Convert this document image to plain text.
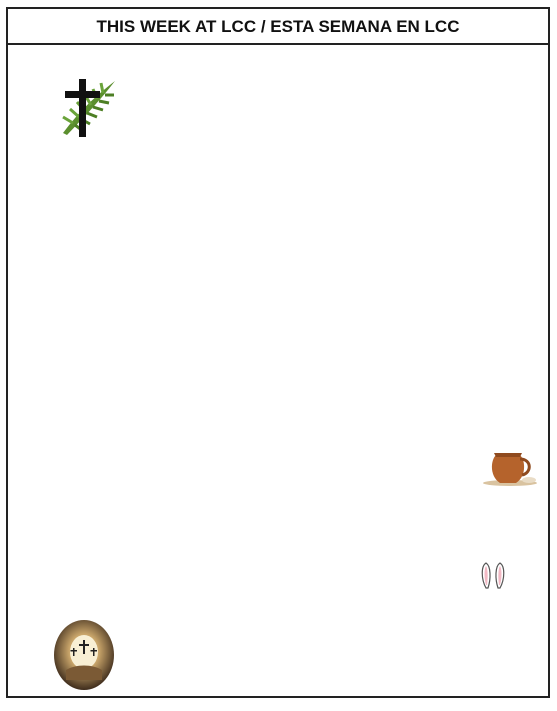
THIS WEEK AT LCC / ESTA SEMANA EN LCC
